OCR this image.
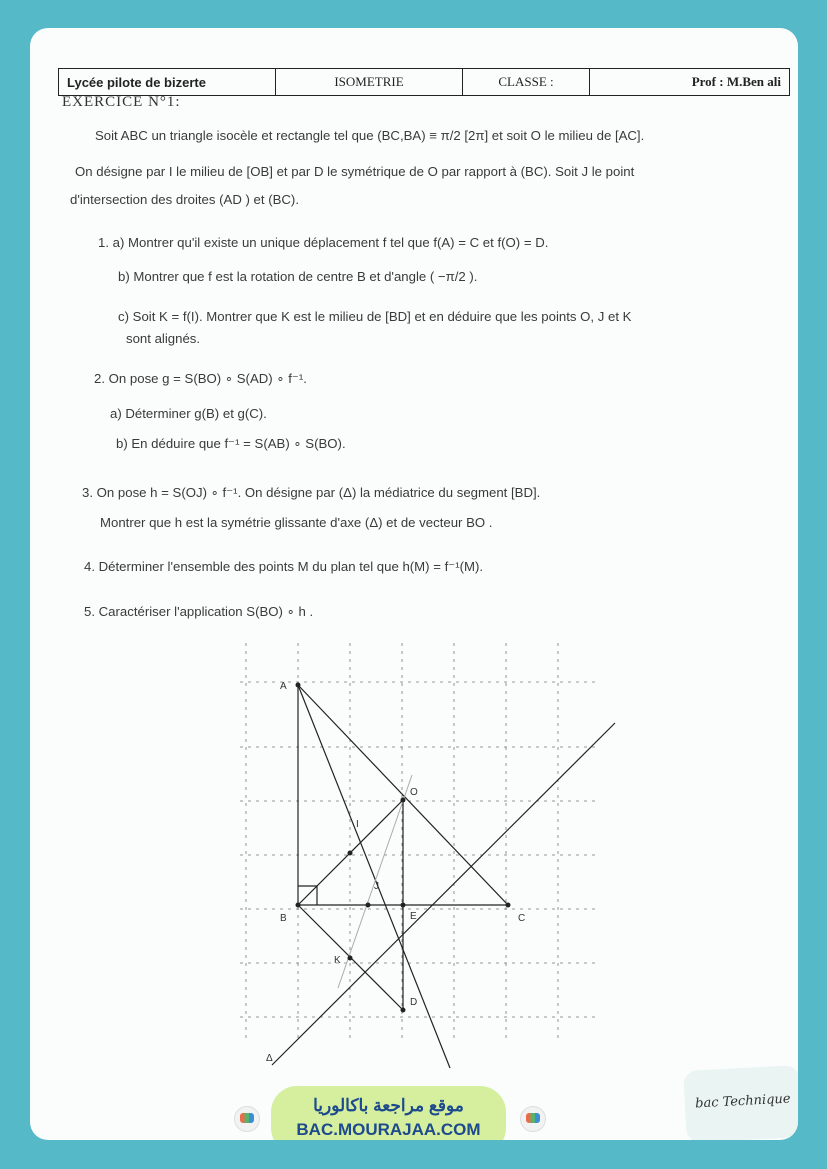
Lycée pilote de bizerte	ISOMETRIE	CLASSE :	Prof : M.Ben ali
EXERCICE N°1:
Soit ABC un triangle isocèle et rectangle tel que (BC,BA) ≡ π/2 [2π] et soit O le milieu de [AC].
On désigne par I le milieu de [OB] et par D le symétrique de O par rapport à (BC). Soit J le point
d'intersection des droites (AD ) et (BC).
1. a) Montrer qu'il existe un unique déplacement f tel que f(A) = C et f(O) = D.
b) Montrer que f est la rotation de centre B et d'angle ( −π/2 ).
c) Soit K = f(I). Montrer que K est le milieu de [BD] et en déduire que les points O, J et K
sont alignés.
2. On pose g = S(BO) ∘ S(AD) ∘ f⁻¹.
a) Déterminer g(B) et g(C).
b) En déduire que f⁻¹ = S(AB) ∘ S(BO).
3. On pose h = S(OJ) ∘ f⁻¹. On désigne par (Δ) la médiatrice du segment [BD].
Montrer que h est la symétrie glissante d'axe (Δ) et de vecteur BO .
4. Déterminer l'ensemble des points M du plan tel que h(M) = f⁻¹(M).
5. Caractériser l'application S(BO) ∘ h .
A
O
B	C
D
K
I
J
E
Δ
موقع مراجعة باكالوريا
BAC.MOURAJAA.COM
bac Technique
